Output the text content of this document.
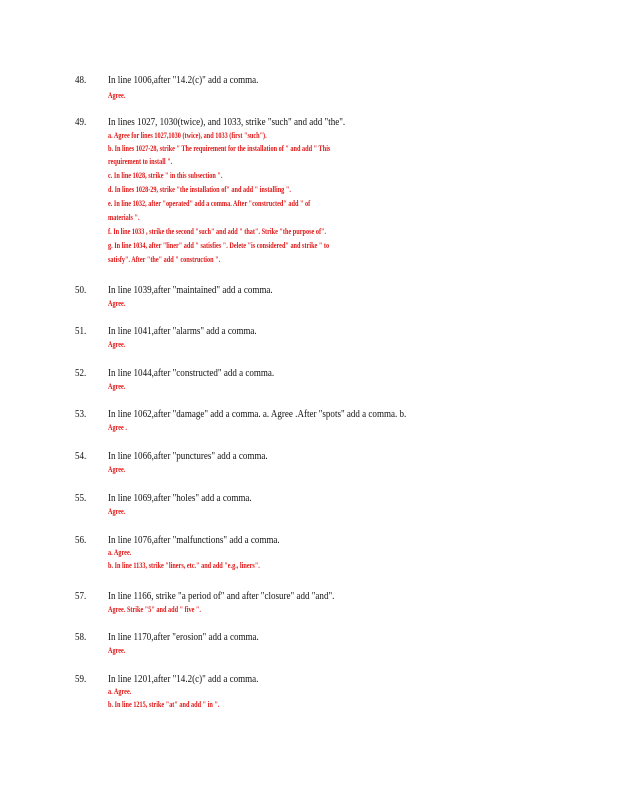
48. In line 1006,after "14.2(c)" add a comma.
Agree.
49. In lines 1027, 1030(twice), and 1033, strike "such" and add "the".
a. Agree for lines 1027,1030 (twice), and 1033 (first "such").
b. In lines 1027-28, strike " The requirement for the installation of " and add " This
requirement to install ".
c. In line 1028, strike " in this subsection ".
d. In lines 1028-29, strike "the installation of" and add " installing ".
e. In line 1032, after "operated" add a comma. After "constructed" add " of
materials ".
f. In line 1033 , strike the second "such" and add " that". Strike "the purpose of".
g. In line 1034, after "liner" add " satisfies ". Delete "is considered" and strike " to
satisfy". After "the" add " construction ".
50. In line 1039,after "maintained" add a comma.
Agree.
51. In line 1041,after "alarms" add a comma.
Agree.
52. In line 1044,after "constructed" add a comma.
Agree.
53. In line 1062,after "damage" add a comma. a. Agree .After "spots" add a comma. b.
Agree .
54. In line 1066,after "punctures" add a comma.
Agree.
55. In line 1069,after "holes" add a comma.
Agree.
56. In line 1076,after "malfunctions" add a comma.
a. Agree.
b. In line 1133, strike "liners, etc." and add "e.g., liners".
57. In line 1166, strike "a period of" and after "closure" add "and".
Agree. Strike "5" and add " five ".
58. In line 1170,after "erosion" add a comma.
Agree.
59. In line 1201,after "14.2(c)" add a comma.
a. Agree.
b. In line 1215, strike "at" and add " in ".
